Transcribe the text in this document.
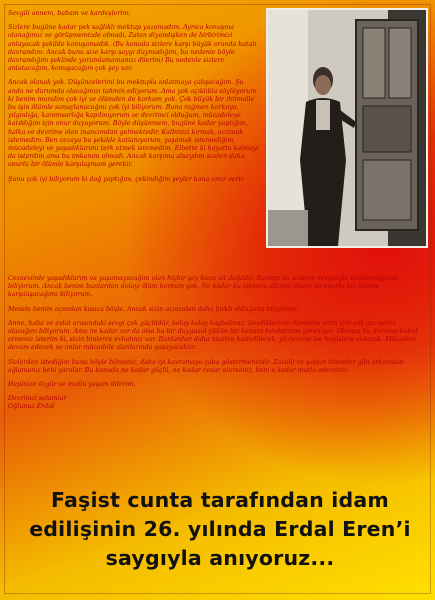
Sevgili annem, babam ve kardeşlerim;

Sizlere bugüne kadar pek sağlıklı mektup yazamadım. Ayrıca konuşma olanağımız ve görüşmemizde olmadı. Zaten diyandışken de birbirimizi anlayacak şekilde konuşamadık. (Bu konuda sizlere karşı büyük oranda hatalı davrandım. Ancak bunu size karşı saygı duymadığım, bu nedenle böyle davrandığım şeklinde yorumlamamanızı dilerim) Bu nedenle sizlere anlatacağım, konuşacağım çok şey var.

Ancak olanak yok. Düşüncelerimi bu mektupla anlatmaya çalışacağım. Şu anda ne durumda olacağınızı tahmin ediyorum. Ama yok açıklıkla söylüyorum ki benim moralim çok iyi ve ölümden de korkum yok. Çok büyük bir ihtimalle bu işin ölümle sonuçlanacağını çok iyi biliyorum. Buna rağmen korkuya, yılgınlığa, karamsarlığa kapılmıyorum ve devrimci olduğum, mücadeleye katıldığım için onur duyuyorum. Böyle düşünmem, bugüne kadar yaptığım, halka ve devrime olan inancımdan gelmektedir. Kalbinizi kırmak, acıtmak istemedim. Ben cezaya bu şekilde katlanıyorum, yaşamak istemediğim, mücadeleyi ve yaşadıklarımı terk etmek istemedim. Elbette ki hayatta kalmayı da isterdim ama bu imkanım olmadı. Ancak karşıma alsaydım sizden daha onurlu bir ölümle karşılaşmam gerekir.

Şunu çok iyi biliyorum ki dağ yaptığım, çekindiğim şeyler bana onur verir.

Cezaevinde yaşadıklarım ve yaşamayacağım olan hiçbir şey bana ait değildir. Bunları da sizlerin sevgisiyle sürdürdüğümü biliyorum. Ancak benim bunlardan dolayı ölüm korkum yok. Ne kadar bu işkence altında ölsem de onurlu bir ölümle karşılaşacağımı biliyorum.

Mesele benim açımdan kısaca böyle. Ancak sizin açınızdan daha farklı olduğunu biliyorum.

Anne, baba ve evlat arasındaki sevgi çok güçlüdür, kolay kolay kaybolmaz. Sevdiklerinin ölmesine sizin için çok acı verici olacağını biliyorum. Ama ne kadar zor da olsa bu bir duygusal yükün bir kenara bırakılması gerekiyor. Olmasa bu durumu kabul etmeniz isterim ki, sizin binlerce evladınız var. Bunlardan daha nicelen katledilecek, yüzlercesi ise hapislere atılacak. Mücadele devam edecek ve onlar mücadele alanlarında yaşayacaktır.

Sizlerden istediğim bunu böyle bilmeniz, daha iyi kavramaya çaba göstermenizdir. Zavallı ve şaşkın kimseler gibi arkamdan ağlamanız beni yaralar. Bu konuda ne kadar güçlü, ne kadar cesur olursanız, beni o kadar mutlu edersiniz.

Hepinize özgür ve mutlu yaşam dilerim.

Devrimci selamlar
Oğlunuz Erdal
Faşist cunta tarafından idam
edilişinin 26. yılında Erdal Eren’i
saygıyla anıyoruz...
